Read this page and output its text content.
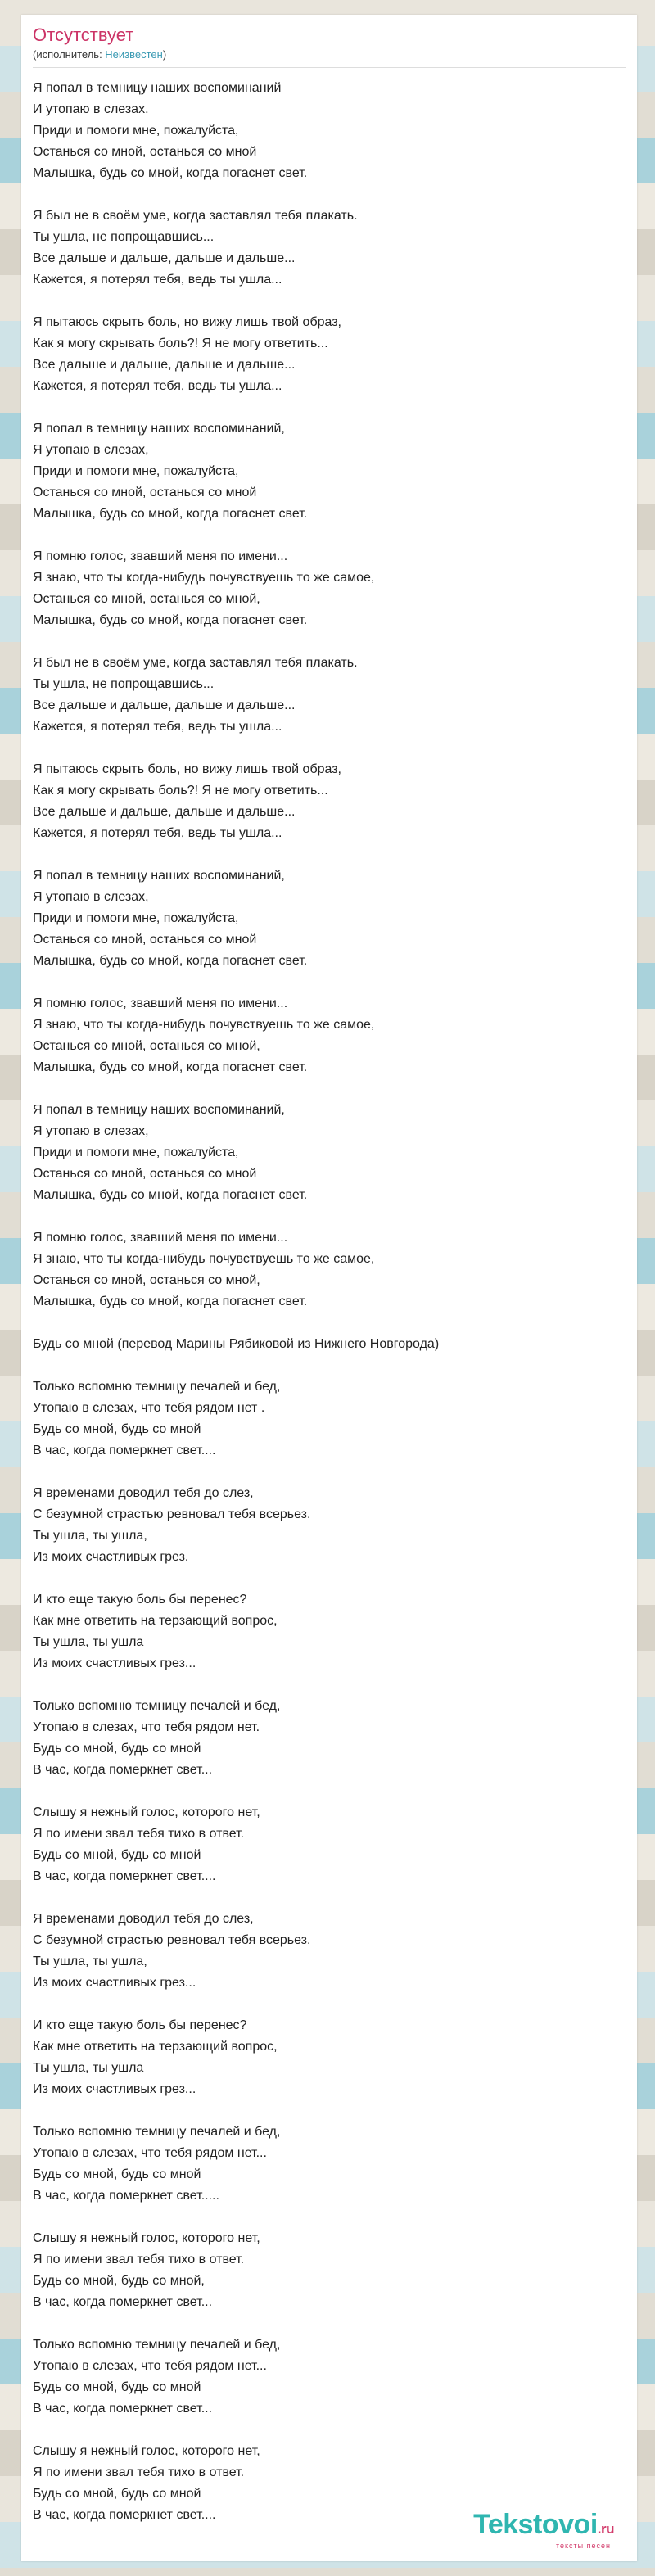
Отсутствует
(исполнитель: Неизвестен)
Я попал в темницу наших воспоминаний
И утопаю в слезах.
Приди и помоги мне, пожалуйста,
Останься со мной, останься со мной
Малышка, будь со мной, когда погаснет свет.
Я был не в своём уме, когда заставлял тебя плакать.
Ты ушла, не попрощавшись...
Все дальше и дальше, дальше и дальше...
Кажется, я потерял тебя, ведь ты ушла...
Я пытаюсь скрыть боль, но вижу лишь твой образ,
Как я могу скрывать боль?! Я не могу ответить...
Все дальше и дальше, дальше и дальше...
Кажется, я потерял тебя, ведь ты ушла...
Я попал в темницу наших воспоминаний,
Я утопаю в слезах,
Приди и помоги мне, пожалуйста,
Останься со мной, останься со мной
Малышка, будь со мной, когда погаснет свет.
Я помню голос, звавший меня по имени...
Я знаю, что ты когда-нибудь почувствуешь то же самое,
Останься со мной, останься со мной,
Малышка, будь со мной, когда погаснет свет.
Я был не в своём уме, когда заставлял тебя плакать.
Ты ушла, не попрощавшись...
Все дальше и дальше, дальше и дальше...
Кажется, я потерял тебя, ведь ты ушла...
Я пытаюсь скрыть боль, но вижу лишь твой образ,
Как я могу скрывать боль?! Я не могу ответить...
Все дальше и дальше, дальше и дальше...
Кажется, я потерял тебя, ведь ты ушла...
Я попал в темницу наших воспоминаний,
Я утопаю в слезах,
Приди и помоги мне, пожалуйста,
Останься со мной, останься со мной
Малышка, будь со мной, когда погаснет свет.
Я помню голос, звавший меня по имени...
Я знаю, что ты когда-нибудь почувствуешь то же самое,
Останься со мной, останься со мной,
Малышка, будь со мной, когда погаснет свет.
Я попал в темницу наших воспоминаний,
Я утопаю в слезах,
Приди и помоги мне, пожалуйста,
Останься со мной, останься со мной
Малышка, будь со мной, когда погаснет свет.
Я помню голос, звавший меня по имени...
Я знаю, что ты когда-нибудь почувствуешь то же самое,
Останься со мной, останься со мной,
Малышка, будь со мной, когда погаснет свет.
Будь со мной (перевод Марины Рябиковой из Нижнего Новгорода)
Только вспомню темницу печалей и бед,
Утопаю в слезах, что тебя рядом нет .
Будь со мной, будь со мной
В час, когда померкнет свет....
Я временами доводил тебя до слез,
С безумной страстью ревновал тебя всерьез.
Ты ушла, ты ушла,
Из моих счастливых грез.
И кто еще такую боль бы перенес?
Как мне ответить на терзающий вопрос,
Ты ушла, ты ушла
Из моих счастливых грез...
Только вспомню темницу печалей и бед,
Утопаю в слезах, что тебя рядом нет.
Будь со мной, будь со мной
В час, когда померкнет свет...
Слышу я нежный голос, которого нет,
Я по имени звал тебя тихо в ответ.
Будь со мной, будь со мной
В час, когда померкнет свет....
Я временами доводил тебя до слез,
С безумной страстью ревновал тебя всерьез.
Ты ушла, ты ушла,
Из моих счастливых грез...
И кто еще такую боль бы перенес?
Как мне ответить на терзающий вопрос,
Ты ушла, ты ушла
Из моих счастливых грез...
Только вспомню темницу печалей и бед,
Утопаю в слезах, что тебя рядом нет...
Будь со мной, будь со мной
В час, когда померкнет свет.....
Слышу я нежный голос, которого нет,
Я по имени звал тебя тихо в ответ.
Будь со мной, будь со мной,
В час, когда померкнет свет...
Только вспомню темницу печалей и бед,
Утопаю в слезах, что тебя рядом нет...
Будь со мной, будь со мной
В час, когда померкнет свет...
Слышу я нежный голос, которого нет,
Я по имени звал тебя тихо в ответ.
Будь со мной, будь со мной
В час, когда померкнет свет....	Tekstovoi.ru
тексты песен
